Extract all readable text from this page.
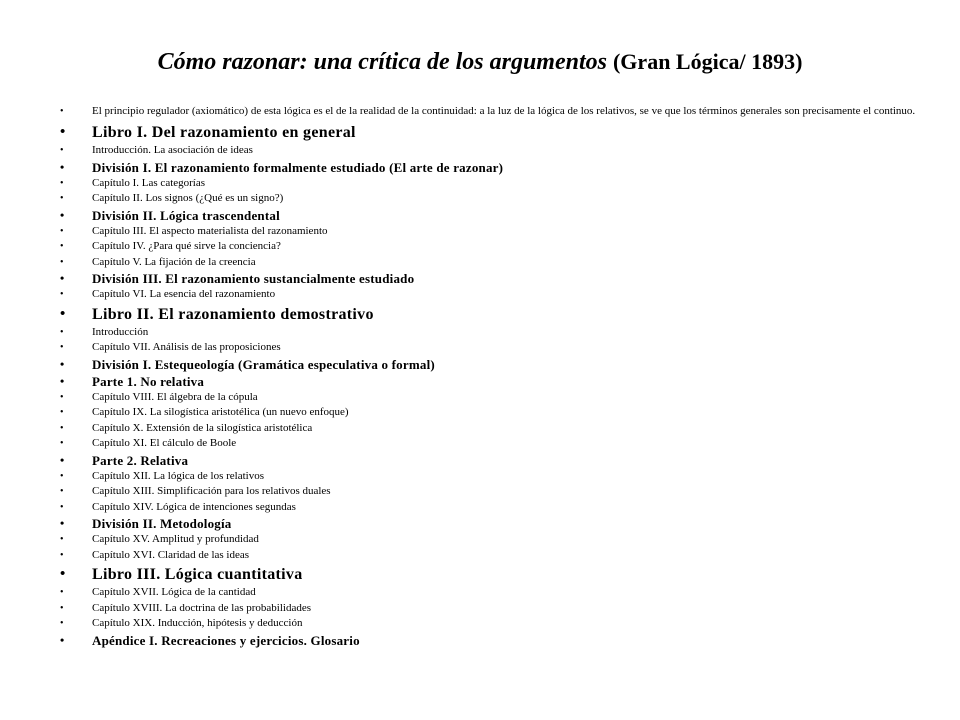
Cómo razonar: una crítica de los argumentos (Gran Lógica/ 1893)
• El principio regulador (axiomático) de esta lógica es el de la realidad de la continuidad: a la luz de la lógica de los relativos, se ve que los términos generales son precisamente el continuo.
• Libro I. Del razonamiento en general
• Introducción. La asociación de ideas
• División I. El razonamiento formalmente estudiado (El arte de razonar)
• Capítulo I. Las categorías
• Capítulo II. Los signos (¿Qué es un signo?)
• División II. Lógica trascendental
• Capítulo III. El aspecto materialista del razonamiento
• Capítulo IV. ¿Para qué sirve la conciencia?
• Capítulo V. La fijación de la creencia
• División III. El razonamiento sustancialmente estudiado
• Capítulo VI. La esencia del razonamiento
• Libro II. El razonamiento demostrativo
• Introducción
• Capítulo VII. Análisis de las proposiciones
• División I. Estequeología (Gramática especulativa o formal)
• Parte 1. No relativa
• Capítulo VIII. El álgebra de la cópula
• Capítulo IX. La silogística aristotélica (un nuevo enfoque)
• Capítulo X. Extensión de la silogística aristotélica
• Capítulo XI. El cálculo de Boole
• Parte 2. Relativa
• Capítulo XII. La lógica de los relativos
• Capítulo XIII. Simplificación para los relativos duales
• Capítulo XIV. Lógica de intenciones segundas
• División II. Metodología
• Capítulo XV. Amplitud y profundidad
• Capítulo XVI. Claridad de las ideas
• Libro III. Lógica cuantitativa
• Capítulo XVII. Lógica de la cantidad
• Capítulo XVIII. La doctrina de las probabilidades
• Capítulo XIX. Inducción, hipótesis y deducción
• Apéndice I. Recreaciones y ejercicios. Glosario
